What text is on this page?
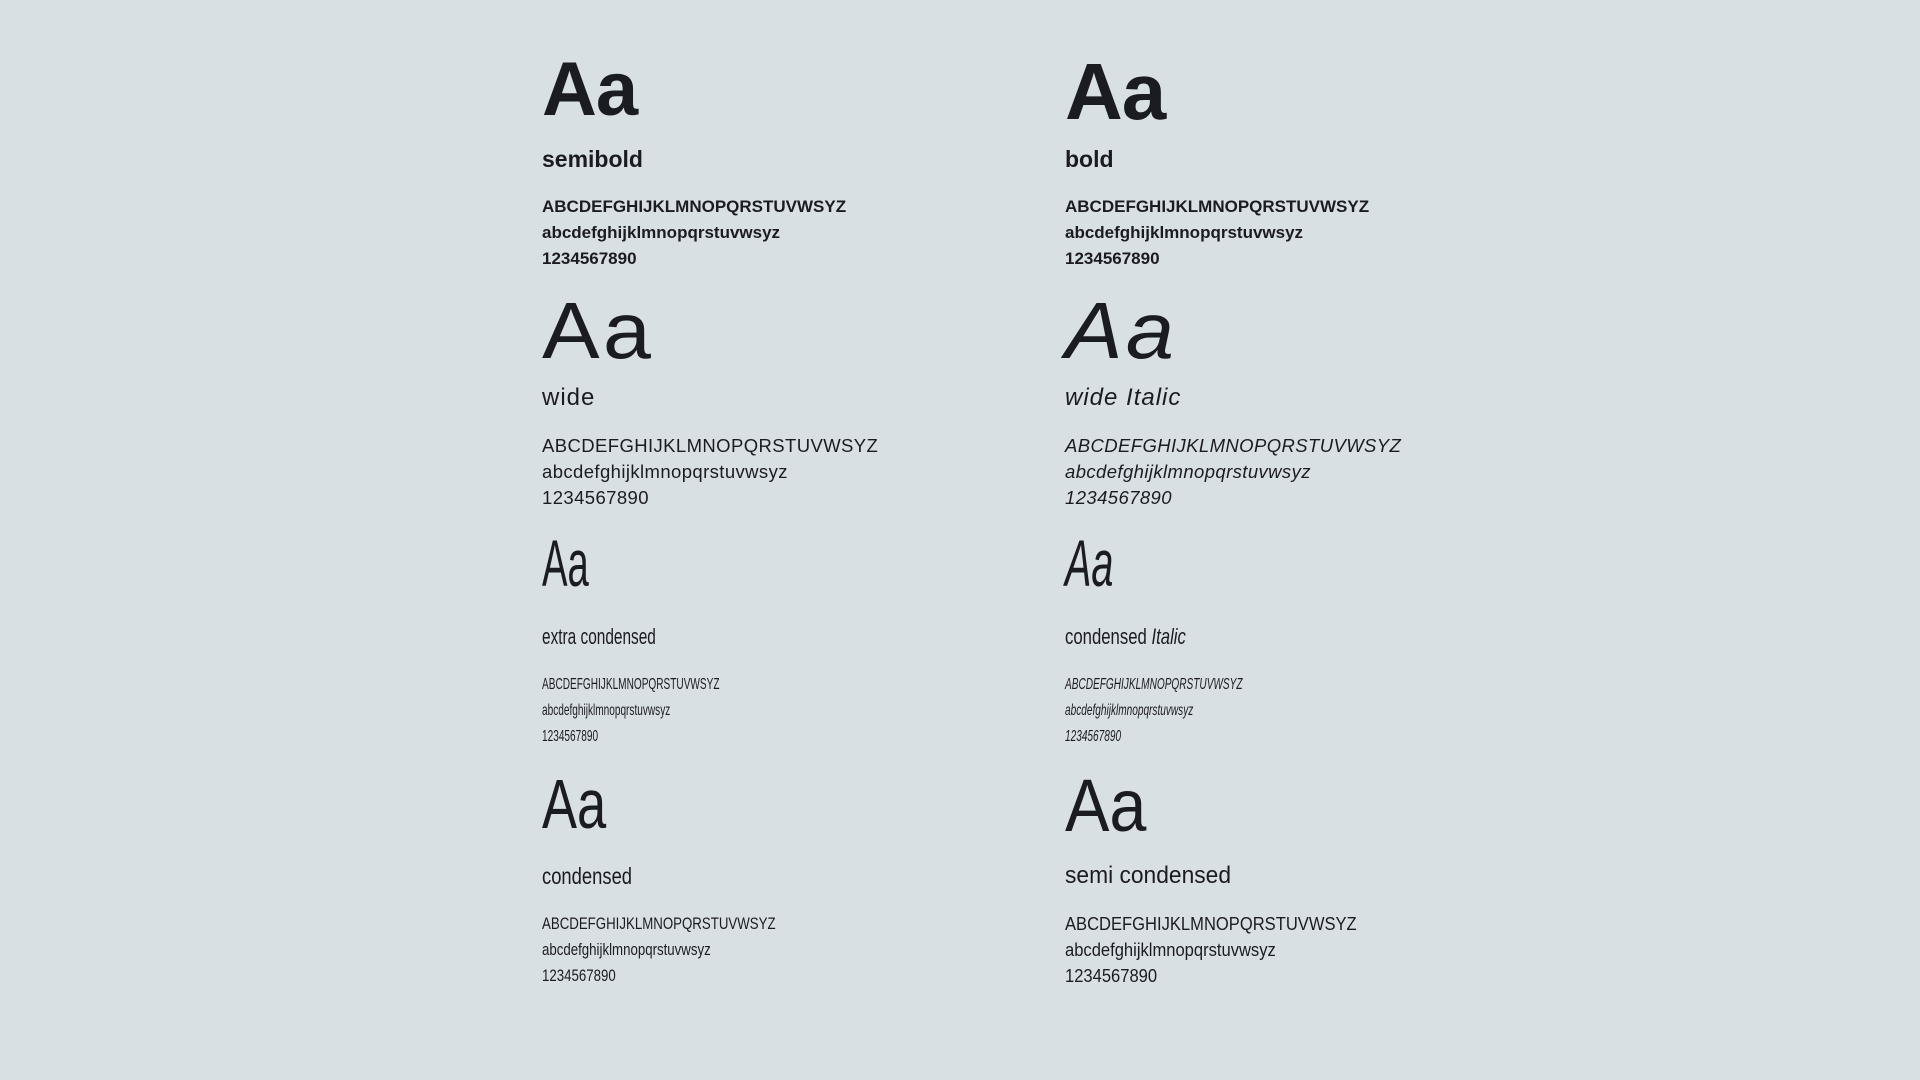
Aa
semibold
ABCDEFGHIJKLMNOPQRSTUVWSYZ
abcdefghijklmnopqrstuvwsyz
1234567890
Aa
bold
ABCDEFGHIJKLMNOPQRSTUVWSYZ
abcdefghijklmnopqrstuvwsyz
1234567890
Aa
wide
ABCDEFGHIJKLMNOPQRSTUVWSYZ
abcdefghijklmnopqrstuvwsyz
1234567890
Aa
wide Italic
ABCDEFGHIJKLMNOPQRSTUVWSYZ
abcdefghijklmnopqrstuvwsyz
1234567890
Aa
extra condensed
ABCDEFGHIJKLMNOPQRSTUVWSYZ
abcdefghijklmnopqrstuvwsyz
1234567890
Aa
condensed Italic
ABCDEFGHIJKLMNOPQRSTUVWSYZ
abcdefghijklmnopqrstuvwsyz
1234567890
Aa
condensed
ABCDEFGHIJKLMNOPQRSTUVWSYZ
abcdefghijklmnopqrstuvwsyz
1234567890
Aa
semi condensed
ABCDEFGHIJKLMNOPQRSTUVWSYZ
abcdefghijklmnopqrstuvwsyz
1234567890
